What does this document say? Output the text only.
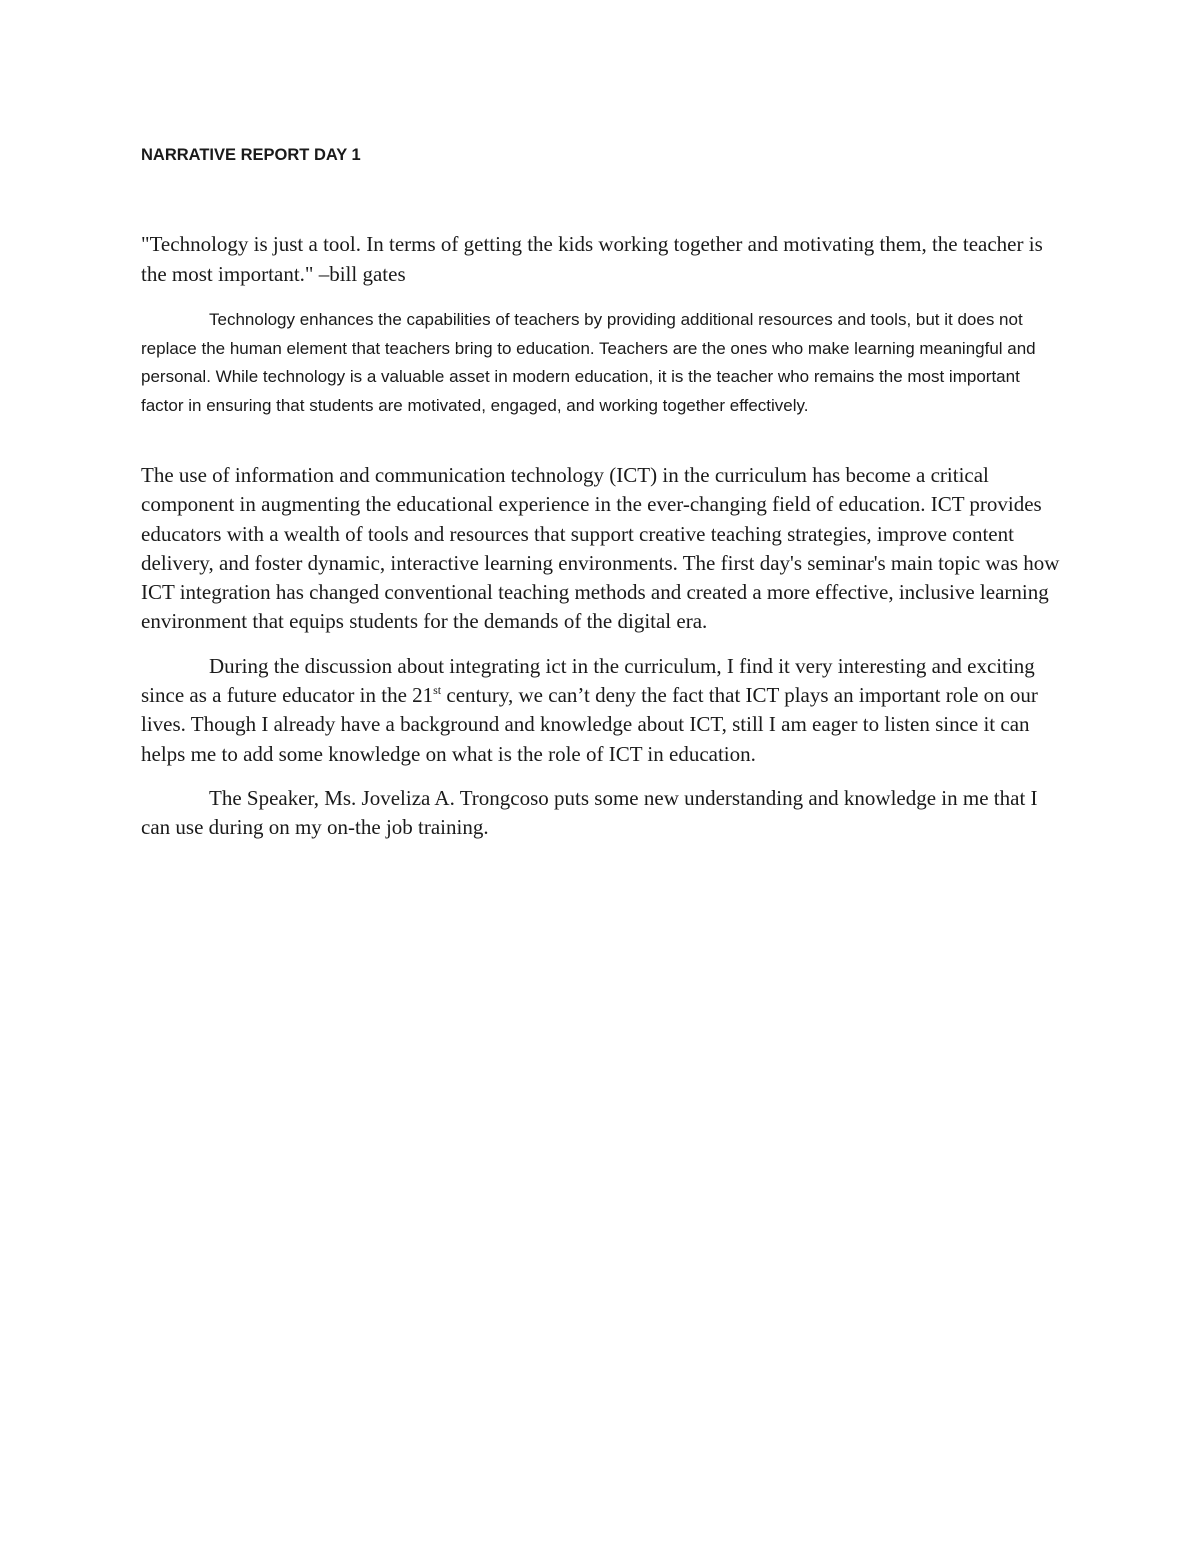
NARRATIVE REPORT DAY 1

"Technology is just a tool. In terms of getting the kids working together and motivating them, the teacher is the most important." –bill gates

Technology enhances the capabilities of teachers by providing additional resources and tools, but it does not replace the human element that teachers bring to education. Teachers are the ones who make learning meaningful and personal. While technology is a valuable asset in modern education, it is the teacher who remains the most important factor in ensuring that students are motivated, engaged, and working together effectively.

The use of information and communication technology (ICT) in the curriculum has become a critical component in augmenting the educational experience in the ever-changing field of education. ICT provides educators with a wealth of tools and resources that support creative teaching strategies, improve content delivery, and foster dynamic, interactive learning environments. The first day's seminar's main topic was how ICT integration has changed conventional teaching methods and created a more effective, inclusive learning environment that equips students for the demands of the digital era.

During the discussion about integrating ict in the curriculum, I find it very interesting and exciting since as a future educator in the 21st century, we can’t deny the fact that ICT plays an important role on our lives. Though I already have a background and knowledge about ICT, still I am eager to listen since it can helps me to add some knowledge on what is the role of ICT in education.

The Speaker, Ms. Joveliza A. Trongcoso puts some new understanding and knowledge in me that I can use during on my on-the job training.
